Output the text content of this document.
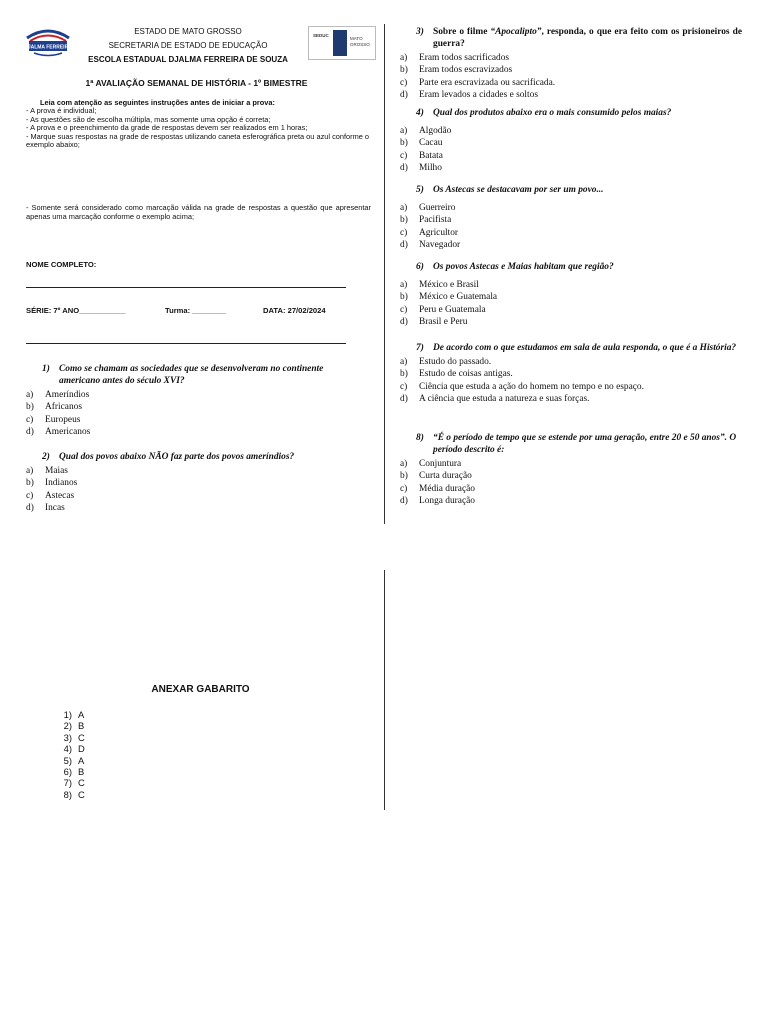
DJALMA FERREIRA
ESTADO DE MATO GROSSO
SECRETARIA DE ESTADO DE EDUCAÇÃO
ESCOLA ESTADUAL DJALMA FERREIRA DE SOUZA
SEDUC
MATO GROSSO
1ª AVALIAÇÃO SEMANAL DE HISTÓRIA - 1º BIMESTRE
Leia com atenção as seguintes instruções antes de iniciar a prova:
- A prova é individual;
- As questões são de escolha múltipla, mas somente uma opção é correta;
- A prova e o preenchimento da grade de respostas devem ser realizados em 1 horas;
- Marque suas respostas na grade de respostas utilizando caneta esferográfica preta ou azul conforme o exemplo abaixo;
- Somente será considerado como marcação válida na grade de respostas a questão que apresentar apenas uma marcação conforme o exemplo acima;
NOME COMPLETO:
SÉRIE: 7º ANO___________	Turma: ________	DATA: 27/02/2024
1) Como se chamam as sociedades que se desenvolveram no continente americano antes do século XVI?
a)	Ameríndios
b)	Africanos
c)	Europeus
d)	Americanos
2) Qual dos povos abaixo NÃO faz parte dos povos ameríndios?
a)	Maias
b)	Indianos
c)	Astecas
d)	Incas
3) Sobre o filme “Apocalipto”, responda, o que era feito com os prisioneiros de guerra?
a)	Eram todos sacrificados
b)	Eram todos escravizados
c)	Parte era escravizada ou sacrificada.
d)	Eram levados a cidades e soltos
4) Qual dos produtos abaixo era o mais consumido pelos maias?
a)	Algodão
b)	Cacau
c)	Batata
d)	Milho
5) Os Astecas se destacavam por ser um povo...
a)	Guerreiro
b)	Pacifista
c)	Agricultor
d)	Navegador
6) Os povos Astecas e Maias habitam que região?
a)	México e Brasil
b)	México e Guatemala
c)	Peru e Guatemala
d)	Brasil e Peru
7) De acordo com o que estudamos em sala de aula responda, o que é a História?
a)	Estudo do passado.
b)	Estudo de coisas antigas.
c)	Ciência que estuda a ação do homem no tempo e no espaço.
d)	A ciência que estuda a natureza e suas forças.
8) “É o período de tempo que se estende por uma geração, entre 20 e 50 anos”. O período descrito é:
a)	Conjuntura
b)	Curta duração
c)	Média duração
d)	Longa duração
ANEXAR GABARITO
1) A
2) B
3) C
4) D
5) A
6) B
7) C
8) C
